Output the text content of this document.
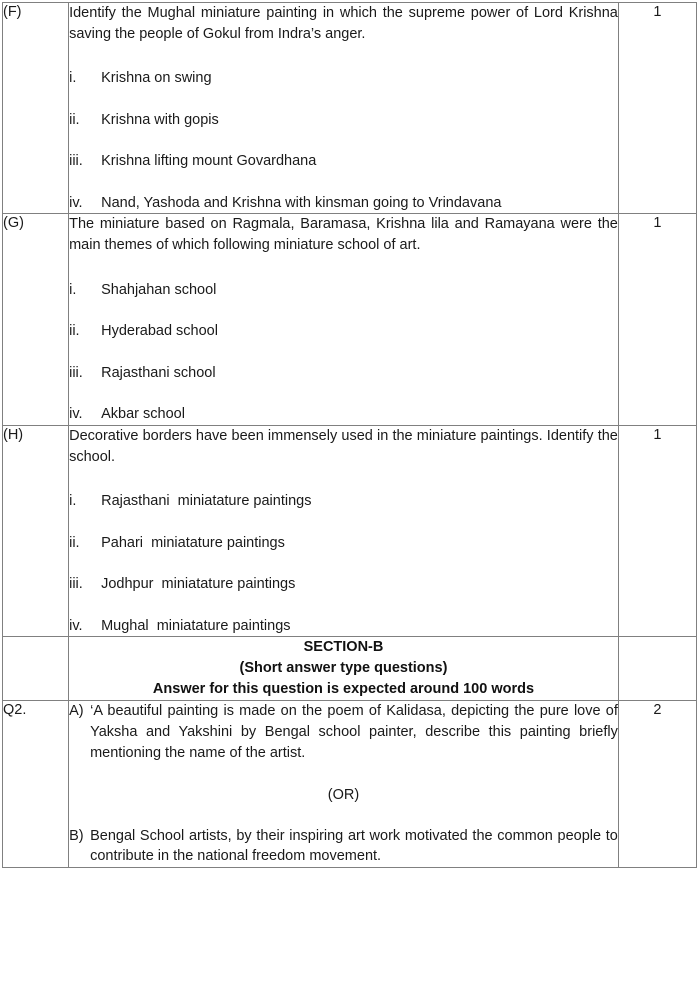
(F)	Identify the Mughal miniature painting in which the supreme power of Lord Krishna saving the people of Gokul from Indra’s anger.

i.	Krishna on swing
ii.	Krishna with gopis
iii.	Krishna lifting mount Govardhana
iv.	Nand, Yashoda and Krishna with kinsman going to Vrindavana
	1
(G)	The miniature based on Ragmala, Baramasa, Krishna lila and Ramayana were the main themes of which following miniature school of art.

i.	Shahjahan school
ii.	Hyderabad school
iii.	Rajasthani school
iv.	Akbar school
	1
(H)	Decorative borders have been immensely used in the miniature paintings. Identify the school.

i.	Rajasthani  miniatature paintings
ii.	Pahari  miniatature paintings
iii.	Jodhpur  miniatature paintings
iv.	Mughal  miniatature paintings
	1

	SECTION-B
(Short answer type questions)
Answer for this question is expected around 100 words	

Q2.	A) ‘A beautiful painting is made on the poem of Kalidasa, depicting the pure love of Yaksha and Yakshini by Bengal school painter, describe this painting briefly mentioning the name of the artist.
(OR)
B) Bengal School artists, by their inspiring art work motivated the common people to contribute in the national freedom movement.	2
